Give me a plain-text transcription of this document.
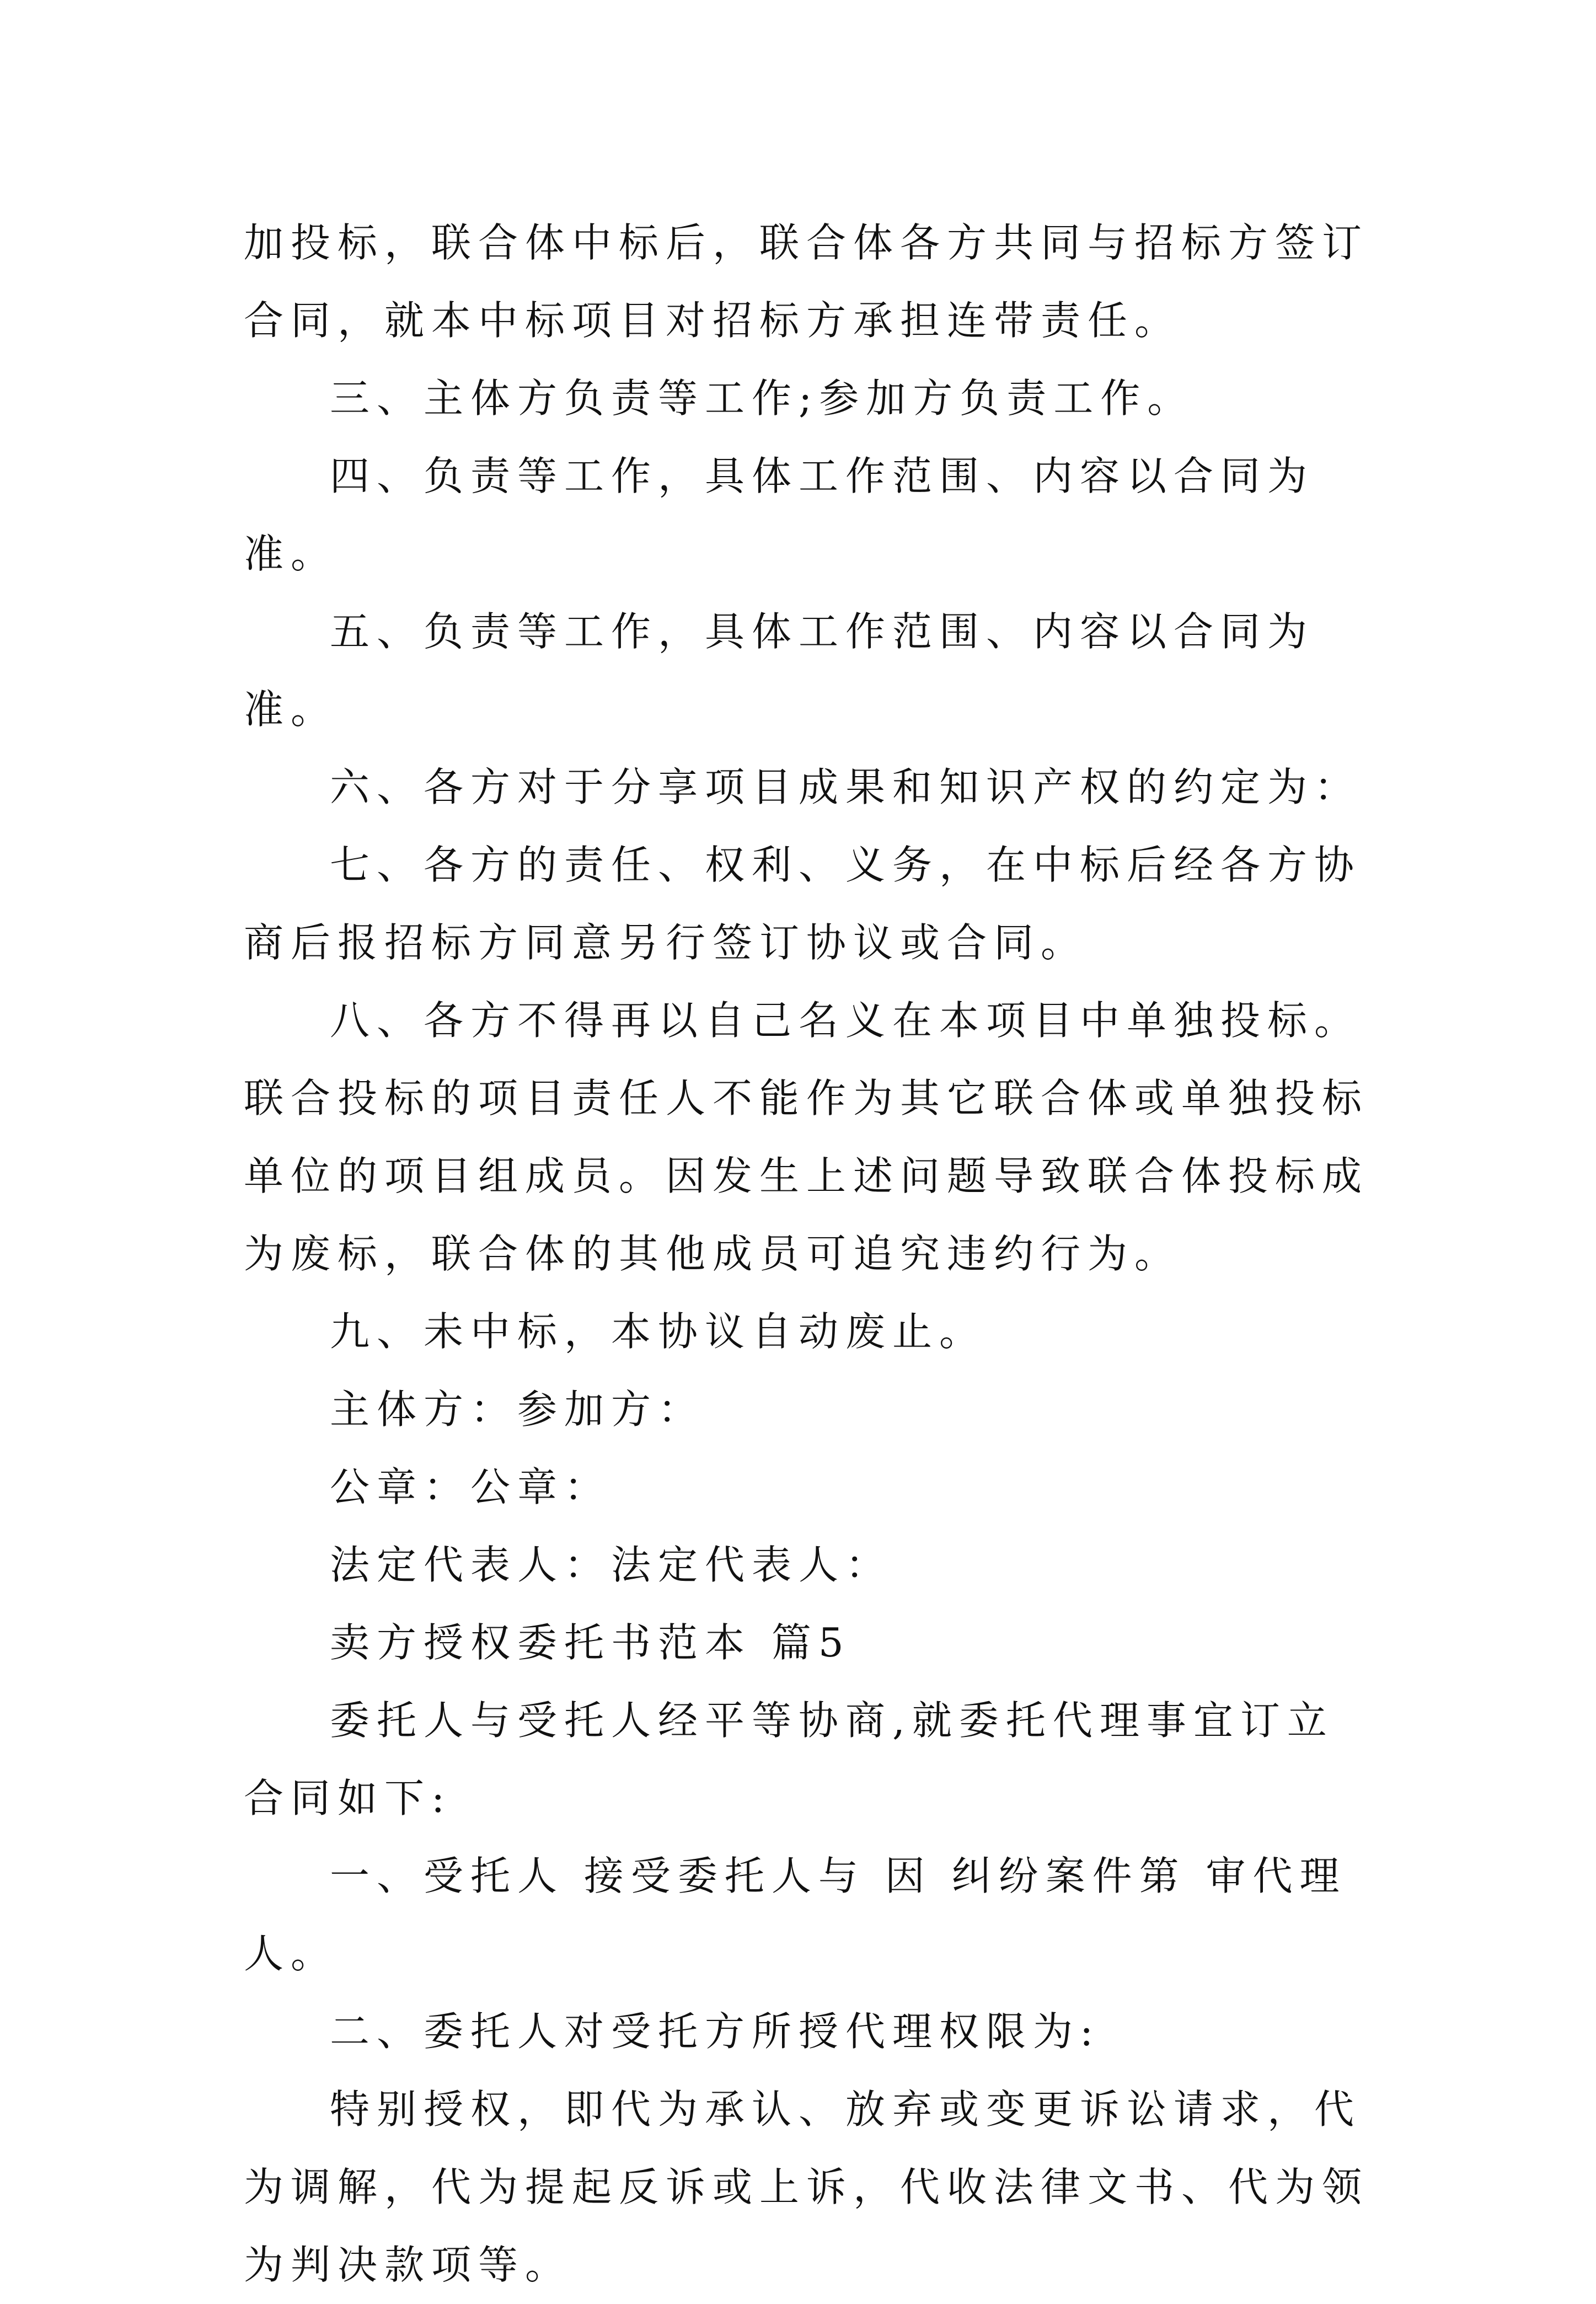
加投标，联合体中标后，联合体各方共同与招标方签订合同，就本中标项目对招标方承担连带责任。

三、主体方负责等工作;参加方负责工作。

四、负责等工作，具体工作范围、内容以合同为准。

五、负责等工作，具体工作范围、内容以合同为准。

六、各方对于分享项目成果和知识产权的约定为：

七、各方的责任、权利、义务，在中标后经各方协商后报招标方同意另行签订协议或合同。

八、各方不得再以自己名义在本项目中单独投标。联合投标的项目责任人不能作为其它联合体或单独投标单位的项目组成员。因发生上述问题导致联合体投标成为废标，联合体的其他成员可追究违约行为。

九、未中标，本协议自动废止。

主体方：参加方：

公章：公章：

法定代表人：法定代表人：

卖方授权委托书范本 篇5

委托人与受托人经平等协商,就委托代理事宜订立合同如下:

一、受托人 接受委托人与 因 纠纷案件第 审代理人。

二、委托人对受托方所授代理权限为:

特别授权，即代为承认、放弃或变更诉讼请求，代为调解，代为提起反诉或上诉，代收法律文书、代为领为判决款项等。
